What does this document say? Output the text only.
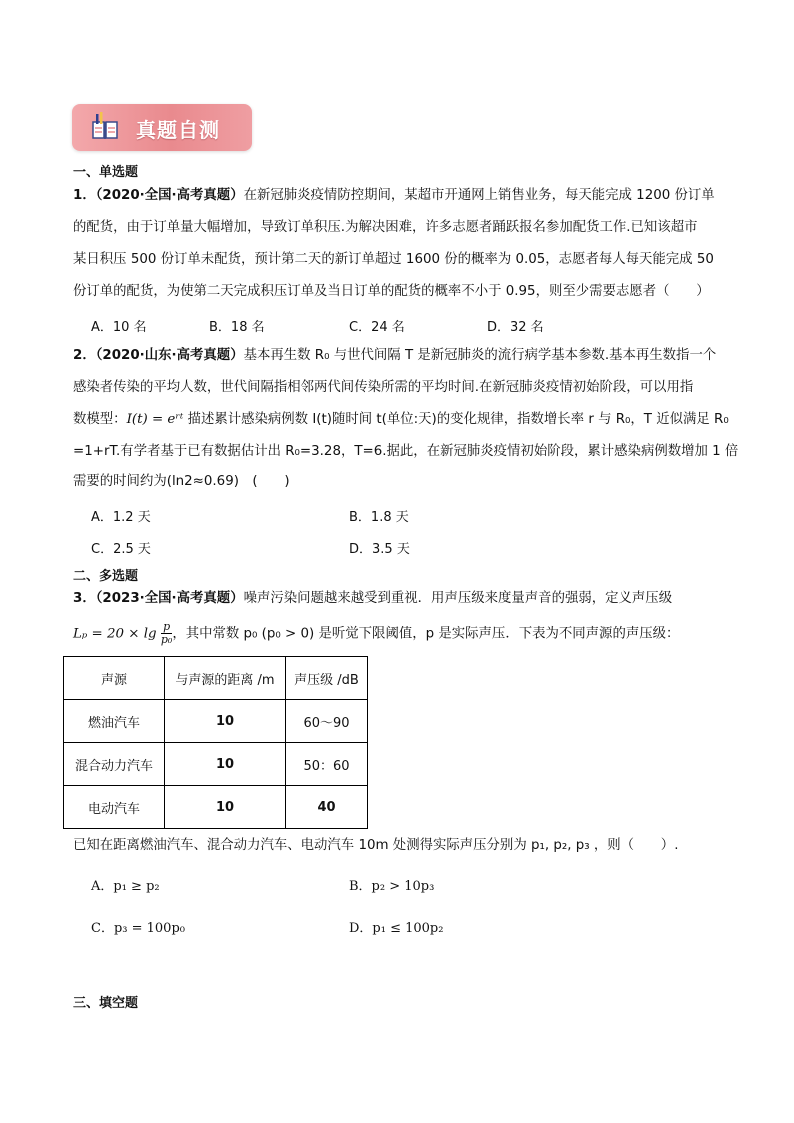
真题自测
一、单选题
1．（2020·全国·高考真题）在新冠肺炎疫情防控期间，某超市开通网上销售业务，每天能完成 1200 份订单
的配货，由于订单量大幅增加，导致订单积压.为解决困难，许多志愿者踊跃报名参加配货工作.已知该超市
某日积压 500 份订单未配货，预计第二天的新订单超过 1600 份的概率为 0.05，志愿者每人每天能完成 50
份订单的配货，为使第二天完成积压订单及当日订单的配货的概率不小于 0.95，则至少需要志愿者（　　）
A．10 名	B．18 名	C．24 名	D．32 名
2．（2020·山东·高考真题）基本再生数 R₀ 与世代间隔 T 是新冠肺炎的流行病学基本参数.基本再生数指一个
感染者传染的平均人数，世代间隔指相邻两代间传染所需的平均时间.在新冠肺炎疫情初始阶段，可以用指
数模型：I(t) = eʳᵗ 描述累计感染病例数 I(t)随时间 t(单位:天)的变化规律，指数增长率 r 与 R₀，T 近似满足 R₀
=1+rT.有学者基于已有数据估计出 R₀=3.28，T=6.据此，在新冠肺炎疫情初始阶段，累计感染病例数增加 1 倍
需要的时间约为(ln2≈0.69)　(　　)
A．1.2 天	B．1.8 天
C．2.5 天	D．3.5 天
二、多选题
3．（2023·全国·高考真题）噪声污染问题越来越受到重视．用声压级来度量声音的强弱，定义声压级
$L_p = 20 \times \lg \frac{p}{\text{p₀}}$ ，其中常数 p₀ (p₀ > 0) 是听觉下限阈值，p 是实际声压．下表为不同声源的声压级：
声源	与声源的距离 /m	声压级 /dB
燃油汽车	10	60～90
混合动力汽车	10	50：60
电动汽车	10	40
已知在距离燃油汽车、混合动力汽车、电动汽车 10m 处测得实际声压分别为 p₁, p₂, p₃ ，则（　　）.
A．p₁ ≥ p₂	B．p₂ > 10p₃
C．p₃ = 100p₀	D．p₁ ≤ 100p₂
三、填空题
